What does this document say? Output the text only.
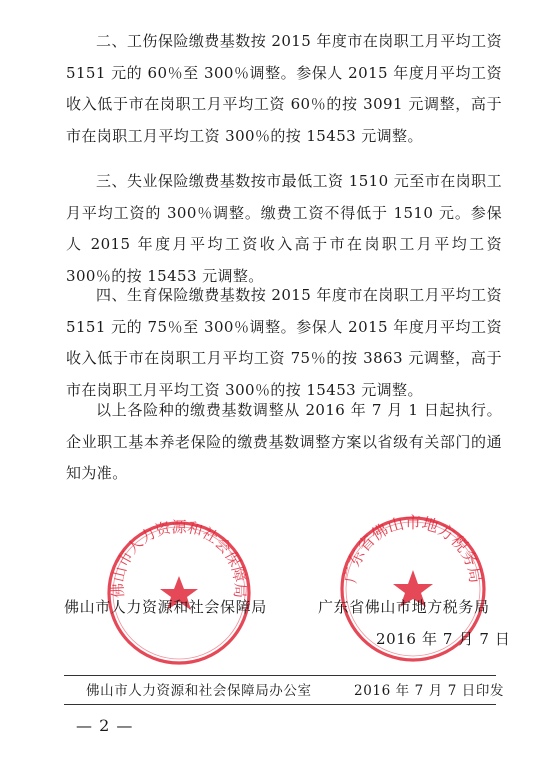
二、工伤保险缴费基数按 2015 年度市在岗职工月平均工资 5151 元的 60％至 300％调整。参保人 2015 年度月平均工资收入低于市在岗职工月平均工资 60％的按 3091 元调整，高于市在岗职工月平均工资 300％的按 15453 元调整。

三、失业保险缴费基数按市最低工资 1510 元至市在岗职工月平均工资的 300％调整。缴费工资不得低于 1510 元。参保人 2015 年度月平均工资收入高于市在岗职工月平均工资 300％的按 15453 元调整。

四、生育保险缴费基数按 2015 年度市在岗职工月平均工资 5151 元的 75％至 300％调整。参保人 2015 年度月平均工资收入低于市在岗职工月平均工资 75％的按 3863 元调整，高于市在岗职工月平均工资 300％的按 15453 元调整。

以上各险种的缴费基数调整从 2016 年 7 月 1 日起执行。企业职工基本养老保险的缴费基数调整方案以省级有关部门的通知为准。

佛山市人力资源和社会保障局
广东省佛山市地方税务局
佛山市人力资源和社会保障局	广东省佛山市地方税务局
2016 年 7 月 7 日
佛山市人力资源和社会保障局办公室	2016 年 7 月 7 日印发
— 2 —
